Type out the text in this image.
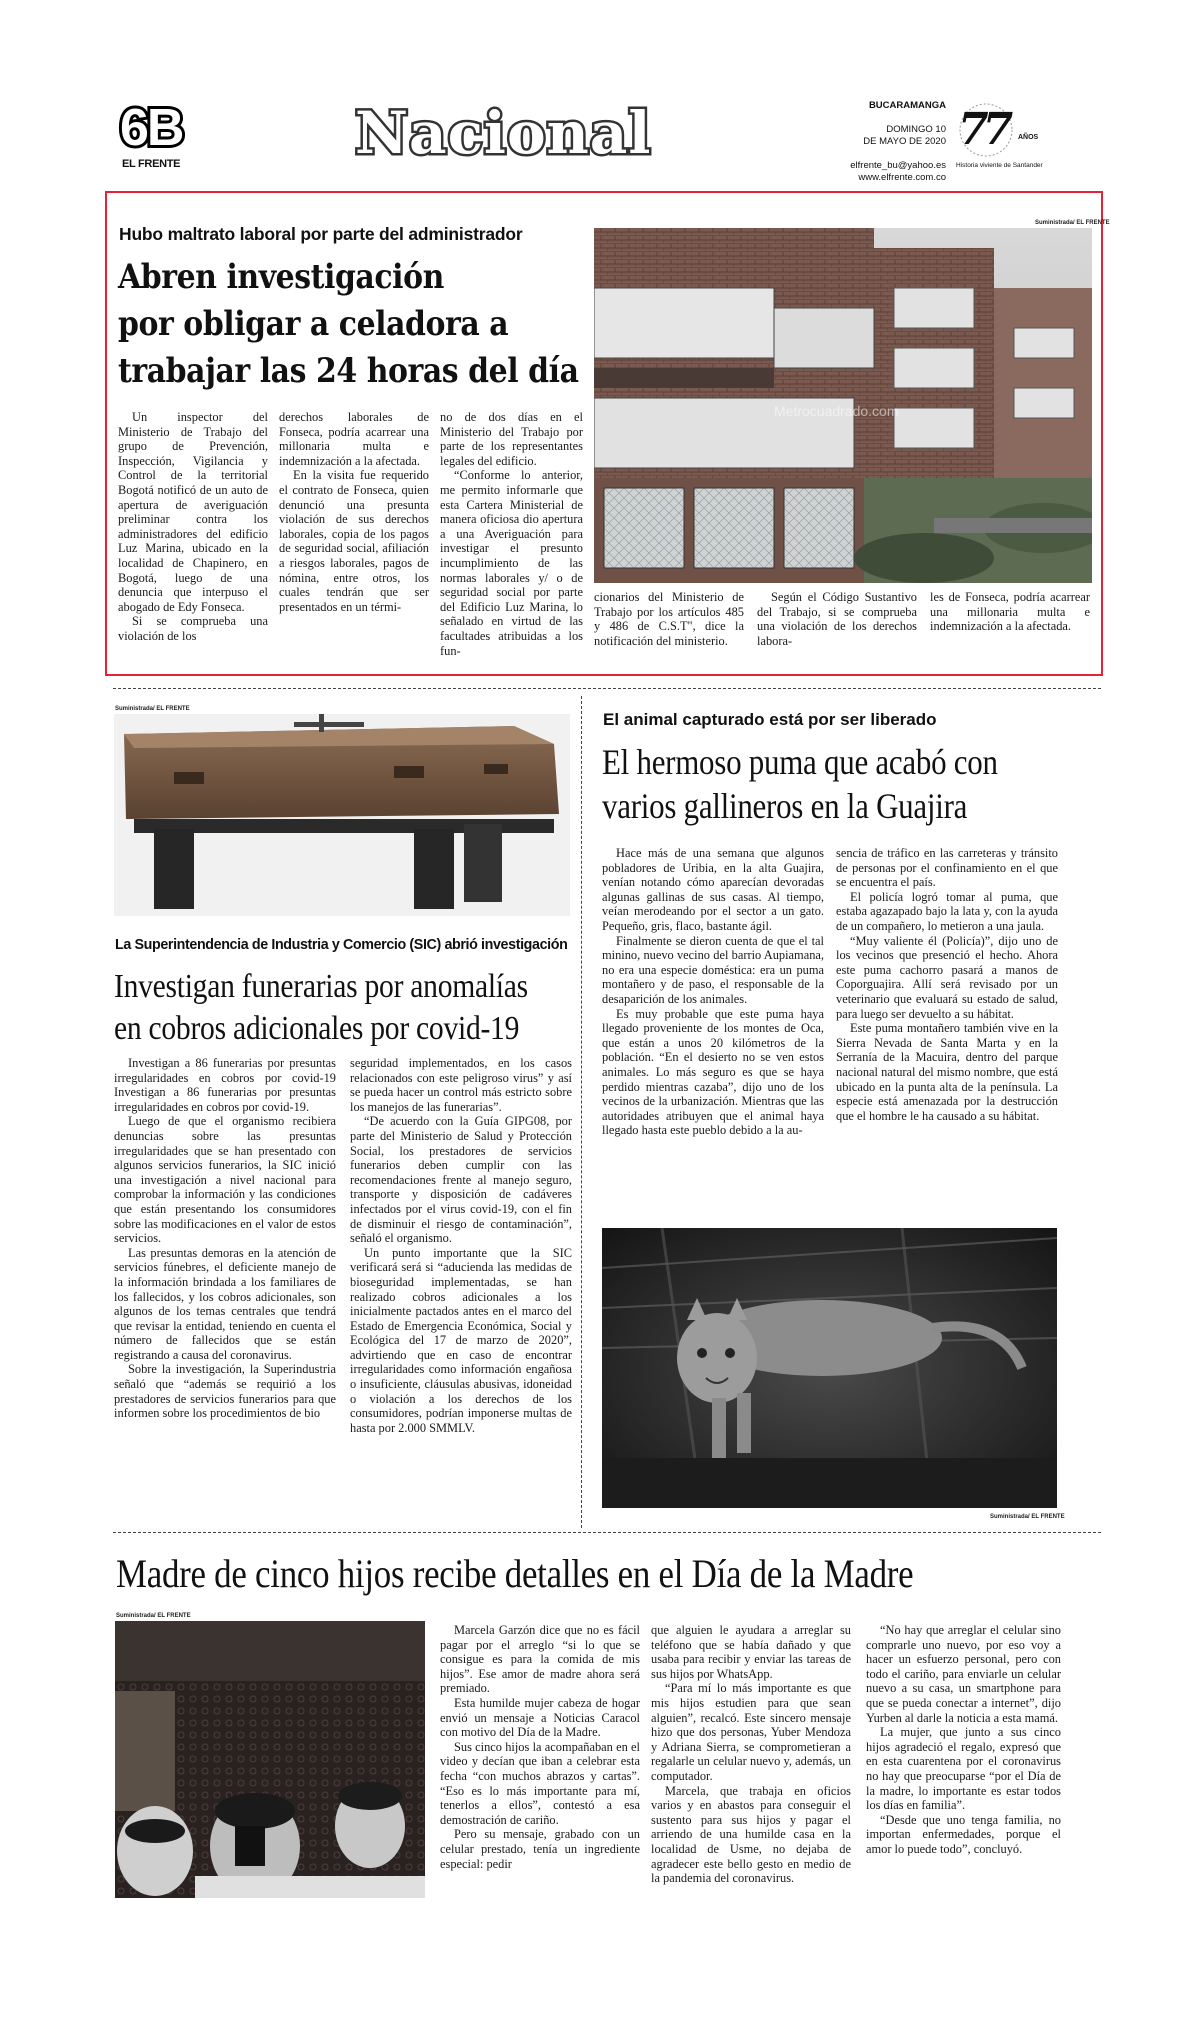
6B
EL FRENTE	Nacional	BUCARAMANGA
DOMINGO 10
DE MAYO DE 2020
elfrente_bu@yahoo.es
www.elfrente.com.co
77 AÑOS
Historia viviente de Santander
Hubo maltrato laboral por parte del administrador
Abren investigación
por obligar a celadora a
trabajar las 24 horas del día
Metrocuadrado.com
Suministrada/ EL FRENTE

Un inspector del Ministerio de Trabajo del grupo de Prevención, Inspección, Vigilancia y Control de la territorial Bogotá notificó de un auto de apertura de averiguación preliminar contra los administradores del edificio Luz Marina, ubicado en la localidad de Chapinero, en Bogotá, luego de una denuncia que interpuso el abogado de Edy Fonseca.

Si se comprueba una violación de los

derechos laborales de Fonseca, podría acarrear una millonaria multa e indemnización a la afectada.

En la visita fue requerido el contrato de Fonseca, quien denunció una presunta violación de sus derechos laborales, copia de los pagos de seguridad social, afiliación a riesgos laborales, pagos de nómina, entre otros, los cuales tendrán que ser presentados en un térmi-

no de dos días en el Ministerio del Trabajo por parte de los representantes legales del edificio.

“Conforme lo anterior, me permito informarle que esta Cartera Ministerial de manera oficiosa dio apertura a una Averiguación para investigar el presunto incumplimiento de las normas laborales y/ o de seguridad social por parte del Edificio Luz Marina, lo señalado en virtud de las facultades atribuidas a los fun-

cionarios del Ministerio de Trabajo por los artículos 485 y 486 de C.S.T", dice la notificación del ministerio.

Según el Código Sustantivo del Trabajo, si se comprueba una violación de los derechos labora-

les de Fonseca, podría acarrear una millonaria multa e indemnización a la afectada.

Suministrada/ EL FRENTE
La Superintendencia de Industria y Comercio (SIC) abrió investigación
Investigan funerarias por anomalías
en cobros adicionales por covid-19

Investigan a 86 funerarias por presuntas irregularidades en cobros por covid-19 Investigan a 86 funerarias por presuntas irregularidades en cobros por covid-19.

Luego de que el organismo recibiera denuncias sobre las presuntas irregularidades que se han presentado con algunos servicios funerarios, la SIC inició una investigación a nivel nacional para comprobar la información y las condiciones que están presentando los consumidores sobre las modificaciones en el valor de estos servicios.

Las presuntas demoras en la atención de servicios fúnebres, el deficiente manejo de la información brindada a los familiares de los fallecidos, y los cobros adicionales, son algunos de los temas centrales que tendrá que revisar la entidad, teniendo en cuenta el número de fallecidos que se están registrando a causa del coronavirus.

Sobre la investigación, la Superindustria señaló que “además se requirió a los prestadores de servicios funerarios para que informen sobre los procedimientos de bio

seguridad implementados, en los casos relacionados con este peligroso virus” y así se pueda hacer un control más estricto sobre los manejos de las funerarias”.

“De acuerdo con la Guía GIPG08, por parte del Ministerio de Salud y Protección Social, los prestadores de servicios funerarios deben cumplir con las recomendaciones frente al manejo seguro, transporte y disposición de cadáveres infectados por el virus covid-19, con el fin de disminuir el riesgo de contaminación”, señaló el organismo.

Un punto importante que la SIC verificará será si “aducienda las medidas de bioseguridad implementadas, se han realizado cobros adicionales a los inicialmente pactados antes en el marco del Estado de Emergencia Económica, Social y Ecológica del 17 de marzo de 2020”, advirtiendo que en caso de encontrar irregularidades como información engañosa o insuficiente, cláusulas abusivas, idoneidad o violación a los derechos de los consumidores, podrían imponerse multas de hasta por 2.000 SMMLV.

El animal capturado está por ser liberado
El hermoso puma que acabó con
varios gallineros en la Guajira

Hace más de una semana que algunos pobladores de Uribia, en la alta Guajira, venían notando cómo aparecían devoradas algunas gallinas de sus casas. Al tiempo, veían merodeando por el sector a un gato. Pequeño, gris, flaco, bastante ágil.

Finalmente se dieron cuenta de que el tal minino, nuevo vecino del barrio Aupiamana, no era una especie doméstica: era un puma montañero y de paso, el responsable de la desaparición de los animales.

Es muy probable que este puma haya llegado proveniente de los montes de Oca, que están a unos 20 kilómetros de la población. “En el desierto no se ven estos animales. Lo más seguro es que se haya perdido mientras cazaba”, dijo uno de los vecinos de la urbanización. Mientras que las autoridades atribuyen que el animal haya llegado hasta este pueblo debido a la au-

sencia de tráfico en las carreteras y tránsito de personas por el confinamiento en el que se encuentra el país.

El policía logró tomar al puma, que estaba agazapado bajo la lata y, con la ayuda de un compañero, lo metieron a una jaula.

“Muy valiente él (Policía)”, dijo uno de los vecinos que presenció el hecho. Ahora este puma cachorro pasará a manos de Coporguajira. Allí será revisado por un veterinario que evaluará su estado de salud, para luego ser devuelto a su hábitat.

Este puma montañero también vive en la Sierra Nevada de Santa Marta y en la Serranía de la Macuira, dentro del parque nacional natural del mismo nombre, que está ubicado en la punta alta de la península. La especie está amenazada por la destrucción que el hombre le ha causado a su hábitat.

Suministrada/ EL FRENTE
Madre de cinco hijos recibe detalles en el Día de la Madre
Suministrada/ EL FRENTE

Marcela Garzón dice que no es fácil pagar por el arreglo “si lo que se consigue es para la comida de mis hijos”. Ese amor de madre ahora será premiado.

Esta humilde mujer cabeza de hogar envió un mensaje a Noticias Caracol con motivo del Día de la Madre.

Sus cinco hijos la acompañaban en el video y decían que iban a celebrar esta fecha “con muchos abrazos y cartas”. “Eso es lo más importante para mí, tenerlos a ellos”, contestó a esa demostración de cariño.

Pero su mensaje, grabado con un celular prestado, tenía un ingrediente especial: pedir

que alguien le ayudara a arreglar su teléfono que se había dañado y que usaba para recibir y enviar las tareas de sus hijos por WhatsApp.

“Para mí lo más importante es que mis hijos estudien para que sean alguien”, recalcó. Este sincero mensaje hizo que dos personas, Yuber Mendoza y Adriana Sierra, se comprometieran a regalarle un celular nuevo y, además, un computador.

Marcela, que trabaja en oficios varios y en abastos para conseguir el sustento para sus hijos y pagar el arriendo de una humilde casa en la localidad de Usme, no dejaba de agradecer este bello gesto en medio de la pandemia del coronavirus.

“No hay que arreglar el celular sino comprarle uno nuevo, por eso voy a hacer un esfuerzo personal, pero con todo el cariño, para enviarle un celular nuevo a su casa, un smartphone para que se pueda conectar a internet”, dijo Yurben al darle la noticia a esta mamá.

La mujer, que junto a sus cinco hijos agradeció el regalo, expresó que en esta cuarentena por el coronavirus no hay que preocuparse “por el Día de la madre, lo importante es estar todos los días en familia”.

“Desde que uno tenga familia, no importan enfermedades, porque el amor lo puede todo”, concluyó.
